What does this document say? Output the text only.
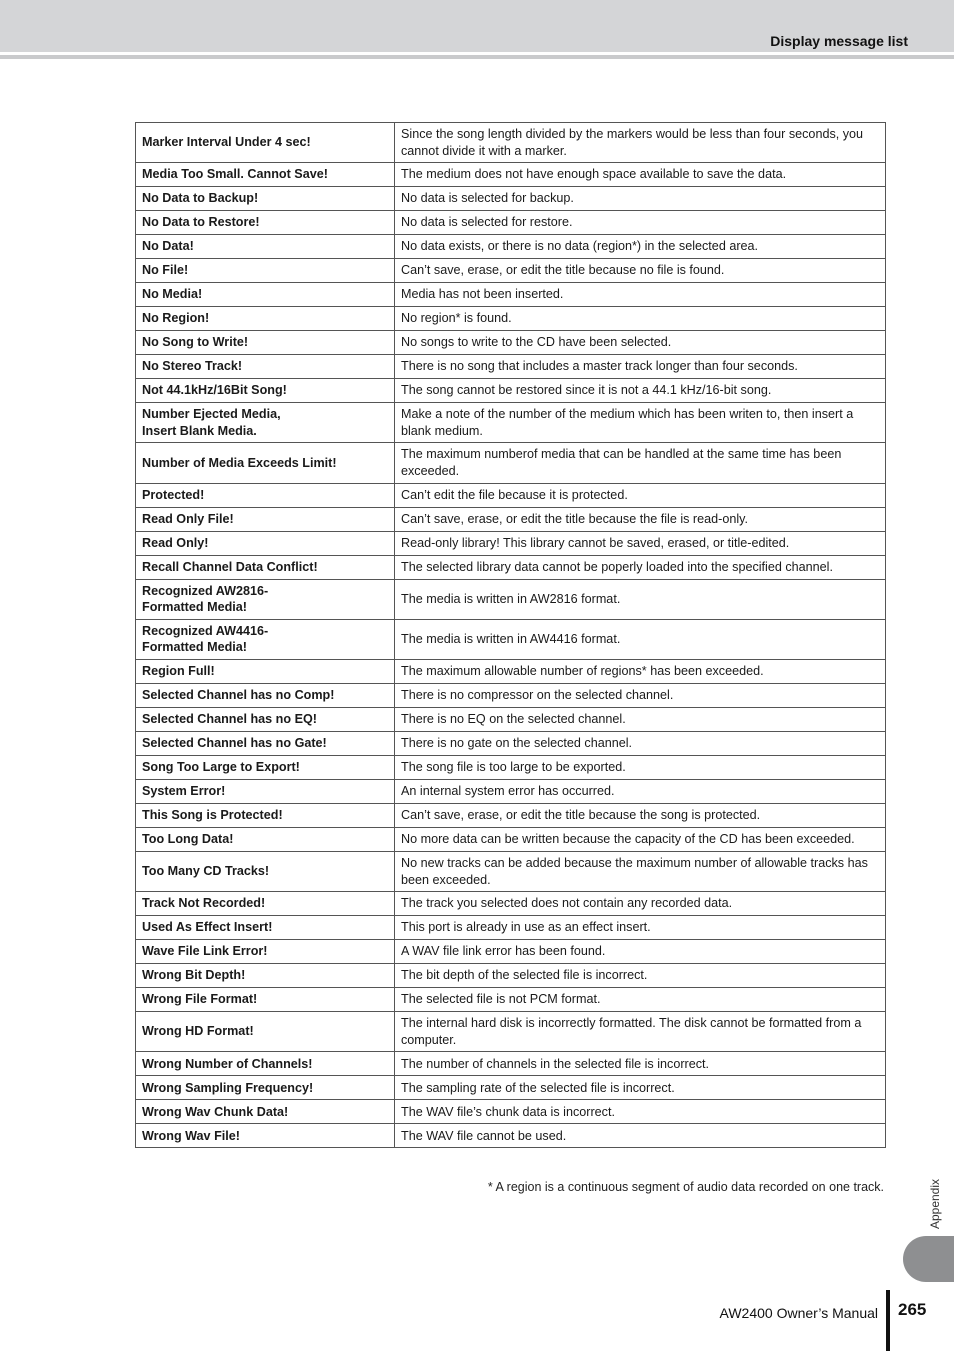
Display message list
Marker Interval Under 4 sec!	Since the song length divided by the markers would be less than four seconds, you cannot divide it with a marker.
Media Too Small. Cannot Save!	The medium does not have enough space available to save the data.
No Data to Backup!	No data is selected for backup.
No Data to Restore!	No data is selected for restore.
No Data!	No data exists, or there is no data (region*) in the selected area.
No File!	Can’t save, erase, or edit the title because no file is found.
No Media!	Media has not been inserted.
No Region!	No region* is found.
No Song to Write!	No songs to write to the CD have been selected.
No Stereo Track!	There is no song that includes a master track longer than four seconds.
Not 44.1kHz/16Bit Song!	The song cannot be restored since it is not a 44.1 kHz/16-bit song.
Number Ejected Media,
Insert Blank Media.	Make a note of the number of the medium which has been writen to, then insert a blank medium.
Number of Media Exceeds Limit!	The maximum numberof media that can be handled at the same time has been exceeded.
Protected!	Can’t edit the file because it is protected.
Read Only File!	Can’t save, erase, or edit the title because the file is read-only.
Read Only!	Read-only library! This library cannot be saved, erased, or title-edited.
Recall Channel Data Conflict!	The selected library data cannot be poperly loaded into the specified channel.
Recognized AW2816-
Formatted Media!	The media is written in AW2816 format.
Recognized AW4416-
Formatted Media!	The media is written in AW4416 format.
Region Full!	The maximum allowable number of regions* has been exceeded.
Selected Channel has no Comp!	There is no compressor on the selected channel.
Selected Channel has no EQ!	There is no EQ on the selected channel.
Selected Channel has no Gate!	There is no gate on the selected channel.
Song Too Large to Export!	The song file is too large to be exported.
System Error!	An internal system error has occurred.
This Song is Protected!	Can’t save, erase, or edit the title because the song is protected.
Too Long Data!	No more data can be written because the capacity of the CD has been exceeded.
Too Many CD Tracks!	No new tracks can be added because the maximum number of allowable tracks has been exceeded.
Track Not Recorded!	The track you selected does not contain any recorded data.
Used As Effect Insert!	This port is already in use as an effect insert.
Wave File Link Error!	A WAV file link error has been found.
Wrong Bit Depth!	The bit depth of the selected file is incorrect.
Wrong File Format!	The selected file is not PCM format.
Wrong HD Format!	The internal hard disk is incorrectly formatted. The disk cannot be formatted from a computer.
Wrong Number of Channels!	The number of channels in the selected file is incorrect.
Wrong Sampling Frequency!	The sampling rate of the selected file is incorrect.
Wrong Wav Chunk Data!	The WAV file’s chunk data is incorrect.
Wrong Wav File!	The WAV file cannot be used.
* A region is a continuous segment of audio data recorded on one track.	Appendix
AW2400 Owner’s Manual 265
